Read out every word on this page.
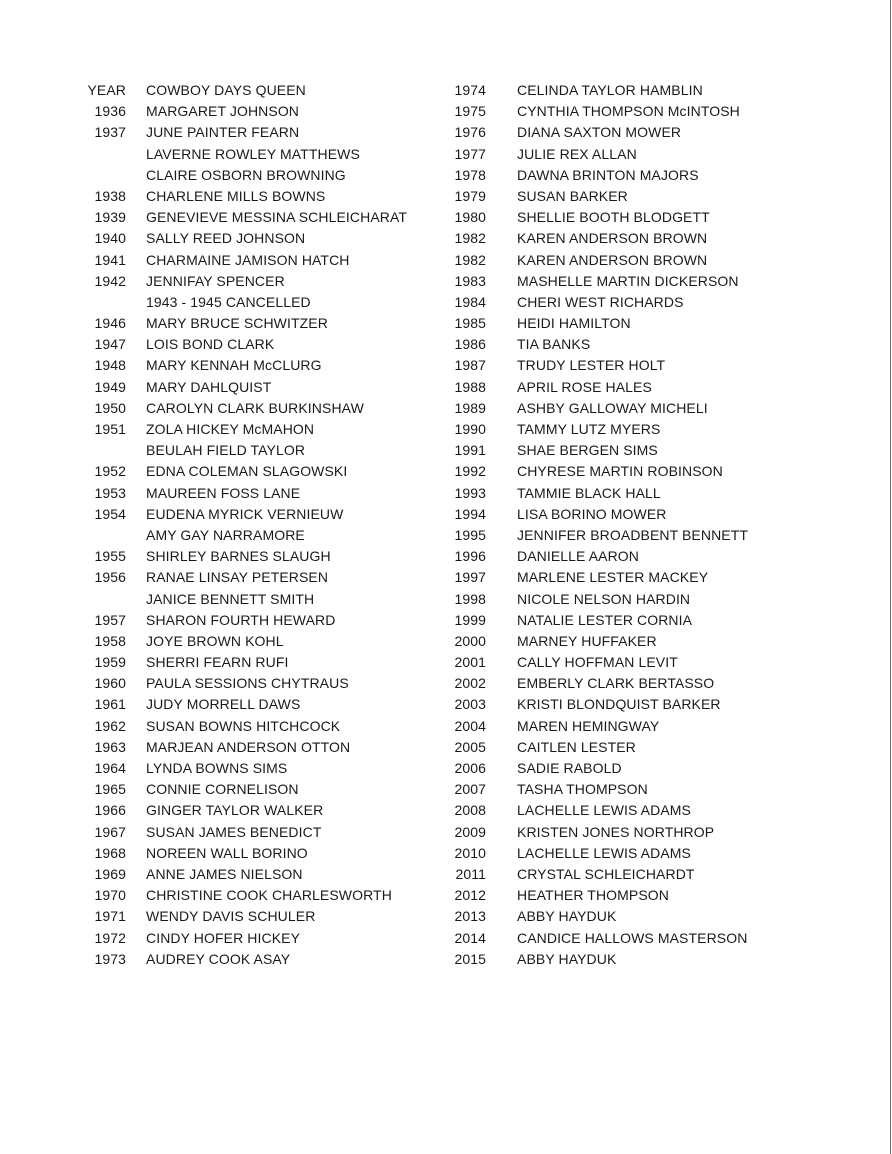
YEAR COWBOY DAYS QUEEN
1936 MARGARET JOHNSON
1937 JUNE PAINTER FEARN
LAVERNE ROWLEY MATTHEWS
CLAIRE OSBORN BROWNING
1938 CHARLENE MILLS BOWNS
1939 GENEVIEVE MESSINA SCHLEICHARAT
1940 SALLY REED JOHNSON
1941 CHARMAINE JAMISON HATCH
1942 JENNIFAY SPENCER
1943 - 1945 CANCELLED
1946 MARY BRUCE SCHWITZER
1947 LOIS BOND CLARK
1948 MARY KENNAH McCLURG
1949 MARY DAHLQUIST
1950 CAROLYN CLARK BURKINSHAW
1951 ZOLA HICKEY McMAHON
BEULAH FIELD TAYLOR
1952 EDNA COLEMAN SLAGOWSKI
1953 MAUREEN FOSS LANE
1954 EUDENA MYRICK VERNIEUW
AMY GAY NARRAMORE
1955 SHIRLEY BARNES SLAUGH
1956 RANAE LINSAY PETERSEN
JANICE BENNETT SMITH
1957 SHARON FOURTH HEWARD
1958 JOYE BROWN KOHL
1959 SHERRI FEARN RUFI
1960 PAULA SESSIONS CHYTRAUS
1961 JUDY MORRELL DAWS
1962 SUSAN BOWNS HITCHCOCK
1963 MARJEAN ANDERSON OTTON
1964 LYNDA BOWNS SIMS
1965 CONNIE CORNELISON
1966 GINGER TAYLOR WALKER
1967 SUSAN JAMES BENEDICT
1968 NOREEN WALL BORINO
1969 ANNE JAMES NIELSON
1970 CHRISTINE COOK CHARLESWORTH
1971 WENDY DAVIS SCHULER
1972 CINDY HOFER HICKEY
1973 AUDREY COOK ASAY
1974 CELINDA TAYLOR HAMBLIN
1975 CYNTHIA THOMPSON McINTOSH
1976 DIANA SAXTON MOWER
1977 JULIE REX ALLAN
1978 DAWNA BRINTON MAJORS
1979 SUSAN BARKER
1980 SHELLIE BOOTH BLODGETT
1982 KAREN ANDERSON BROWN
1982 KAREN ANDERSON BROWN
1983 MASHELLE MARTIN DICKERSON
1984 CHERI WEST RICHARDS
1985 HEIDI HAMILTON
1986 TIA BANKS
1987 TRUDY LESTER HOLT
1988 APRIL ROSE HALES
1989 ASHBY GALLOWAY MICHELI
1990 TAMMY LUTZ MYERS
1991 SHAE BERGEN SIMS
1992 CHYRESE MARTIN ROBINSON
1993 TAMMIE BLACK HALL
1994 LISA BORINO MOWER
1995 JENNIFER BROADBENT BENNETT
1996 DANIELLE AARON
1997 MARLENE LESTER MACKEY
1998 NICOLE NELSON HARDIN
1999 NATALIE LESTER CORNIA
2000 MARNEY HUFFAKER
2001 CALLY HOFFMAN LEVIT
2002 EMBERLY CLARK BERTASSO
2003 KRISTI BLONDQUIST BARKER
2004 MAREN HEMINGWAY
2005 CAITLEN LESTER
2006 SADIE RABOLD
2007 TASHA THOMPSON
2008 LACHELLE LEWIS ADAMS
2009 KRISTEN JONES NORTHROP
2010 LACHELLE LEWIS ADAMS
2011 CRYSTAL SCHLEICHARDT
2012 HEATHER THOMPSON
2013 ABBY HAYDUK
2014 CANDICE HALLOWS MASTERSON
2015 ABBY HAYDUK
